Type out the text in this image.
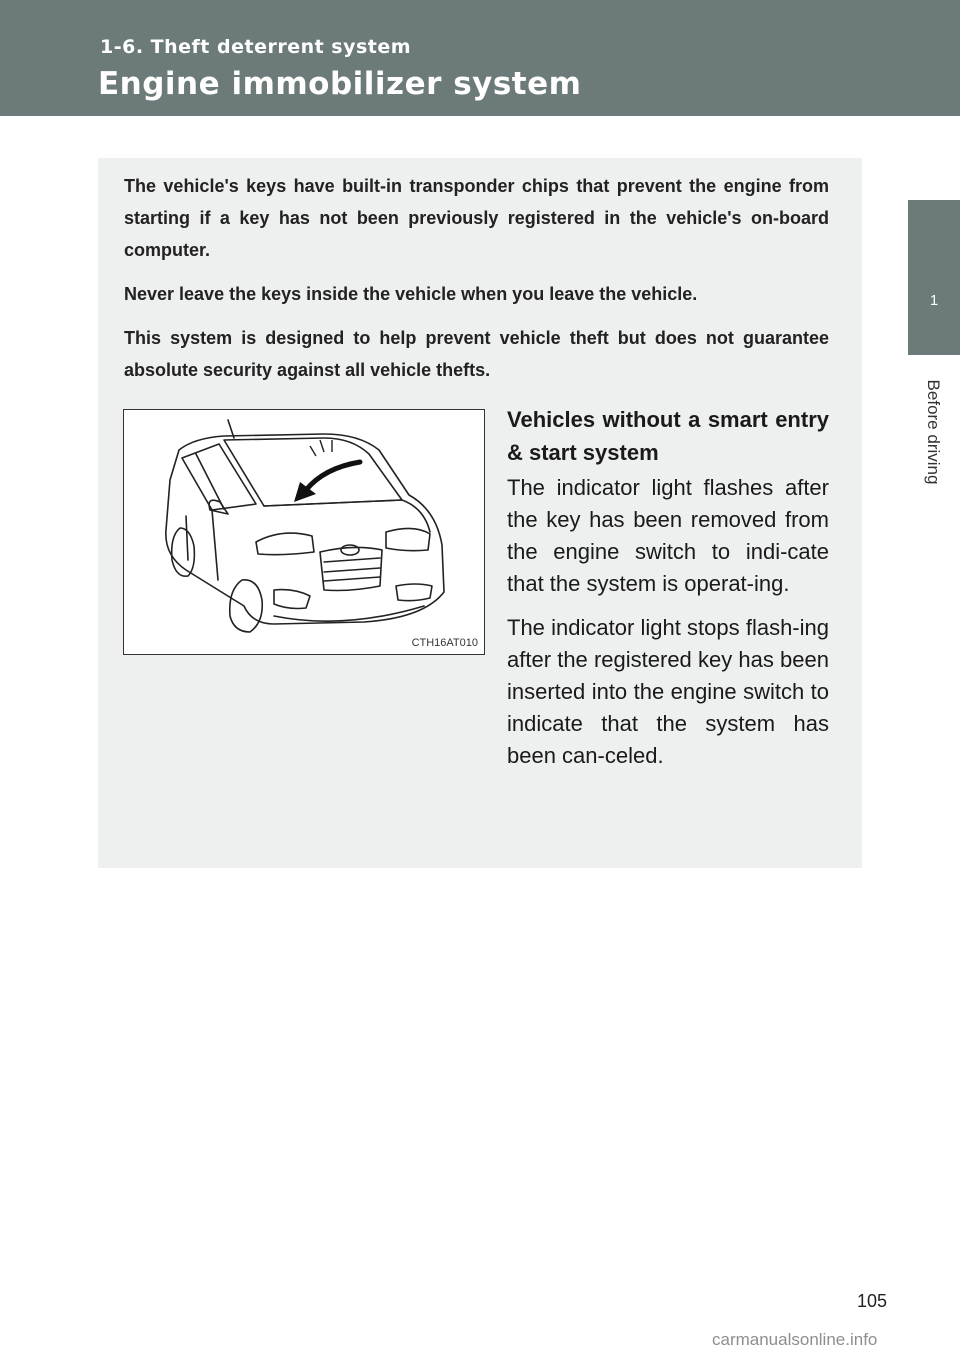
1-6. Theft deterrent system
Engine immobilizer system
1
Before driving

The vehicle's keys have built-in transponder chips that prevent the engine from starting if a key has not been previously registered in the vehicle's on-board computer.

Never leave the keys inside the vehicle when you leave the vehicle.

This system is designed to help prevent vehicle theft but does not guarantee absolute security against all vehicle thefts.

CTH16AT010
Vehicles without a smart entry & start system

The indicator light flashes after the key has been removed from the engine switch to indi-cate that the system is operat-ing.

The indicator light stops flash-ing after the registered key has been inserted into the engine switch to indicate that the system has been can-celed.

105
carmanualsonline.info
